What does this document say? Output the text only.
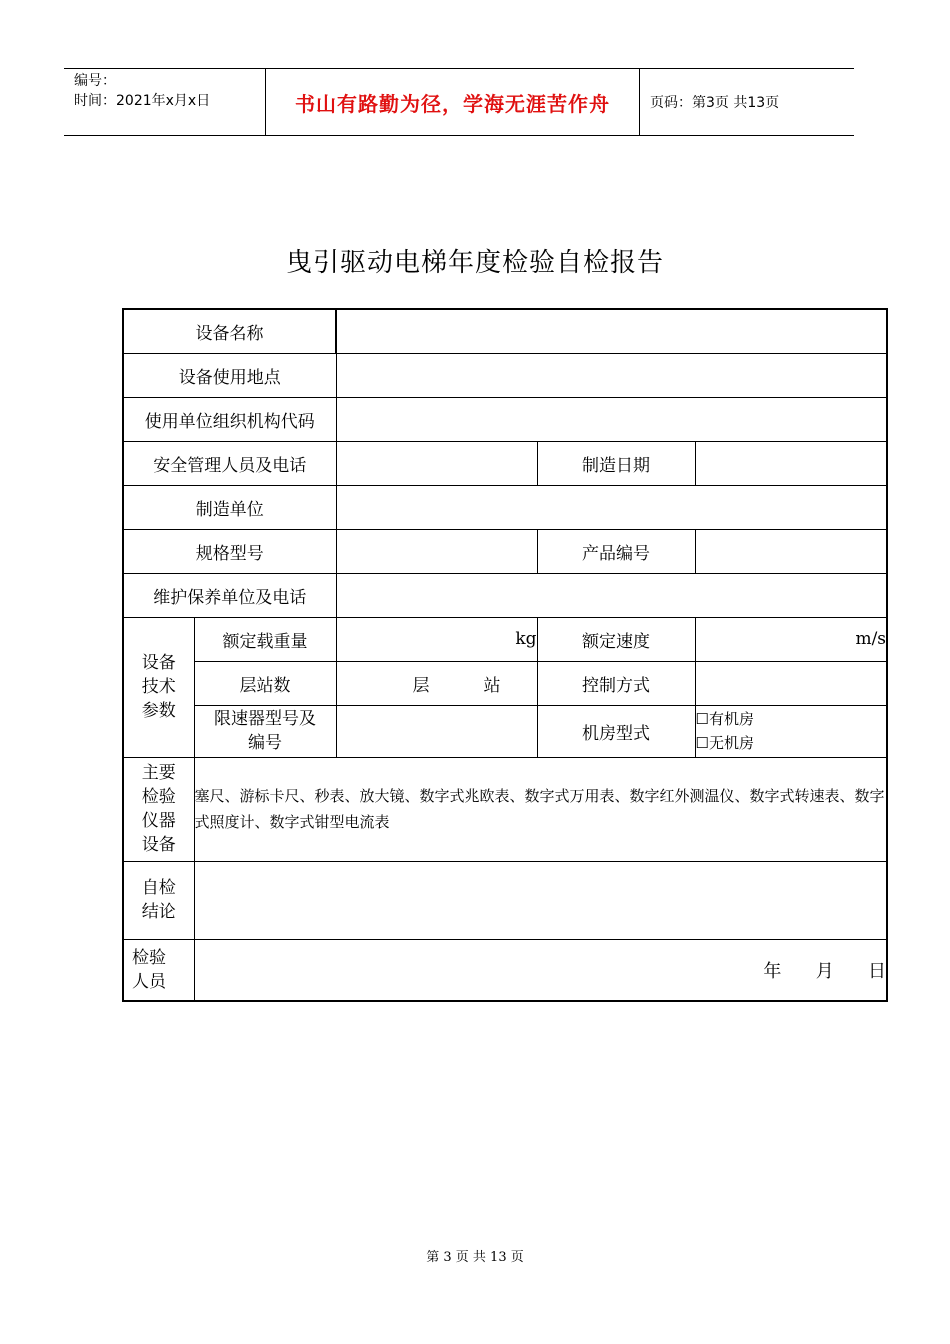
编号：
时间：2021年x月x日	书山有路勤为径，学海无涯苦作舟	页码：第3页 共13页
曳引驱动电梯年度检验自检报告
设备名称				
设备使用地点				
使用单位组织机构代码				
安全管理人员及电话			制造日期	
制造单位				
规格型号			产品编号	
维护保养单位及电话				

设备技术参数	额定载重量	kg	额定速度	m/s
	层站数	层          站	控制方式	

	限速器型号及编号		机房型式	☐有机房
☐无机房

主要检验仪器设备	塞尺、游标卡尺、秒表、放大镜、数字式兆欧表、数字式万用表、数字红外测温仪、数字式转速表、数字式照度计、数字式钳型电流表			

自检结论				

检验人员	年      月      日			
第 3 页 共 13 页
